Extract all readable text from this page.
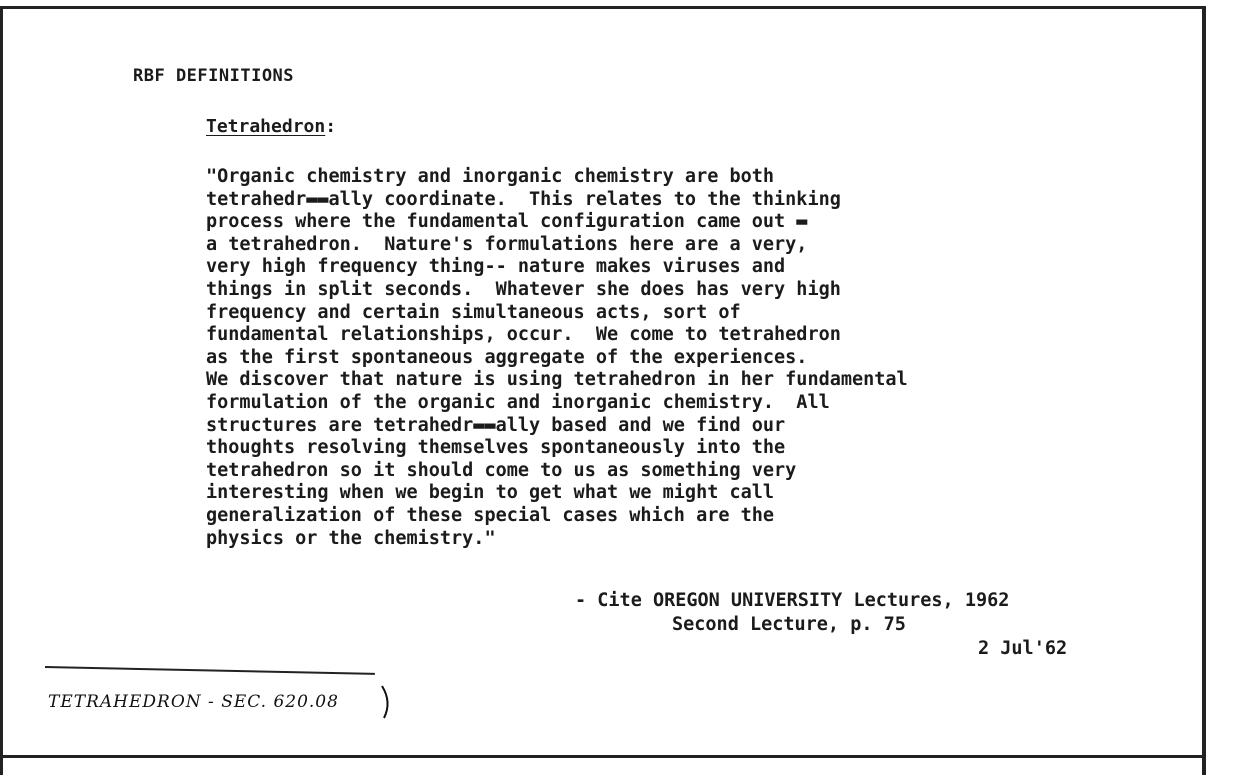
RBF DEFINITIONS
Tetrahedron:
"Organic chemistry and inorganic chemistry are both
tetrahedr▬▬ally coordinate.  This relates to the thinking
process where the fundamental configuration came out ▬
a tetrahedron.  Nature's formulations here are a very,
very high frequency thing-- nature makes viruses and
things in split seconds.  Whatever she does has very high
frequency and certain simultaneous acts, sort of
fundamental relationships, occur.  We come to tetrahedron
as the first spontaneous aggregate of the experiences.
We discover that nature is using tetrahedron in her fundamental
formulation of the organic and inorganic chemistry.  All
structures are tetrahedr▬▬ally based and we find our
thoughts resolving themselves spontaneously into the
tetrahedron so it should come to us as something very
interesting when we begin to get what we might call
generalization of these special cases which are the
physics or the chemistry."
- Cite OREGON UNIVERSITY Lectures, 1962
Second Lecture, p. 75
2 Jul'62
TETRAHEDRON - SEC. 620.08
